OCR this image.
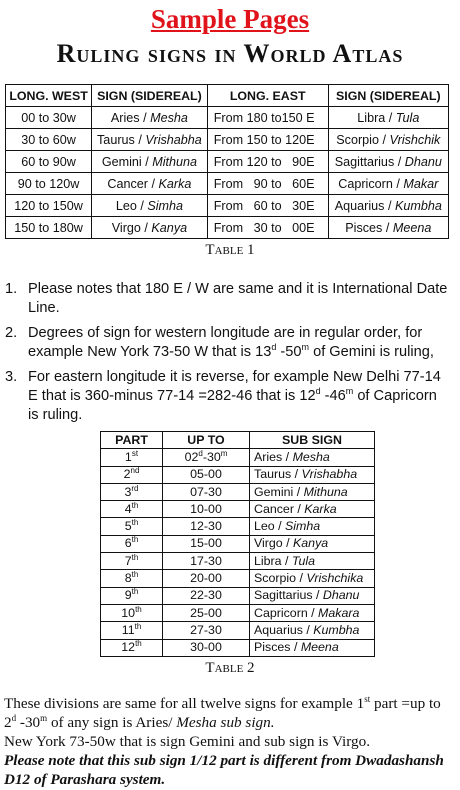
Sample Pages
Ruling signs in World Atlas
LONG. WEST	SIGN (SIDEREAL)	LONG. EAST	SIGN (SIDEREAL)
00 to 30w	Aries / Mesha	From 180 to150 E	Libra / Tula
30 to 60w	Taurus / Vrishabha	From 150 to 120E	Scorpio / Vrishchik
60 to 90w	Gemini / Mithuna	From 120 to   90E	Sagittarius / Dhanu
90 to 120w	Cancer / Karka	From   90 to   60E	Capricorn / Makar
120 to 150w	Leo / Simha	From   60 to   30E	Aquarius / Kumbha
150 to 180w	Virgo / Kanya	From   30 to   00E	Pisces / Meena
Table 1
1. Please notes that 180 E / W are same and it is International Date Line.
2. Degrees of sign for western longitude are in regular order, for example New York 73-50 W that is 13$^d$ -50$^m$ of Gemini is ruling,
3. For eastern longitude it is reverse, for example New Delhi 77-14 E that is 360-minus 77-14 =282-46 that is 12$^d$ -46$^m$ of Capricorn is ruling.
PART	UP TO	SUB SIGN
1st	02$^d$-30$^m$	Aries / Mesha
2nd	05-00	Taurus / Vrishabha
3rd	07-30	Gemini / Mithuna
4th	10-00	Cancer / Karka
5th	12-30	Leo / Simha
6th	15-00	Virgo / Kanya
7th	17-30	Libra / Tula
8th	20-00	Scorpio / Vrishchika
9th	22-30	Sagittarius / Dhanu
10th	25-00	Capricorn / Makara
11th	27-30	Aquarius / Kumbha
12th	30-00	Pisces / Meena
Table 2
These divisions are same for all twelve signs for example 1st part =up to 2$^d$ -30$^m$ of any sign is Aries/ Mesha sub sign.
New York 73-50w that is sign Gemini and sub sign is Virgo.
Please note that this sub sign 1/12 part is different from Dwadashansh D12 of Parashara system.
